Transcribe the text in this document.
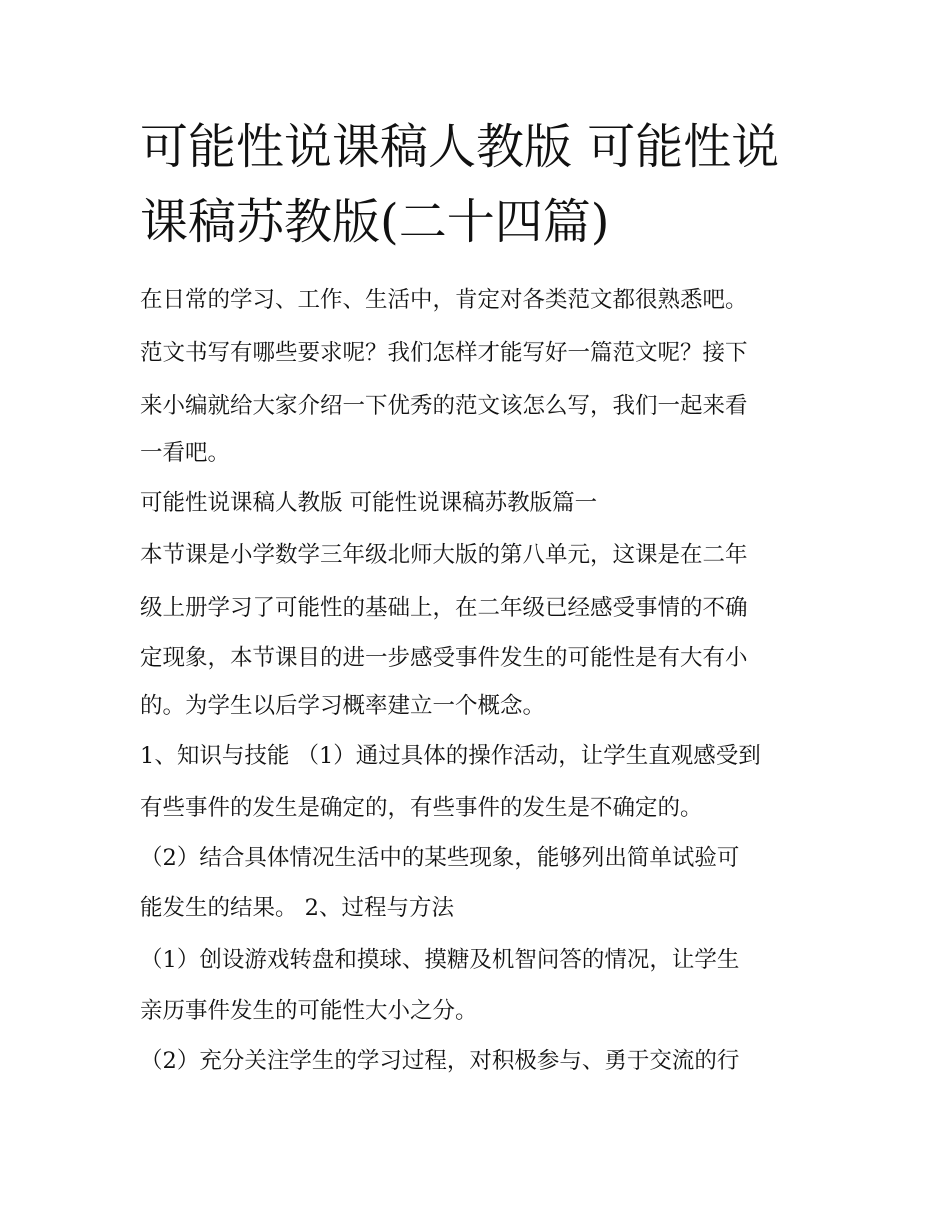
可能性说课稿人教版 可能性说
课稿苏教版(二十四篇)
在日常的学习、工作、生活中，肯定对各类范文都很熟悉吧。
范文书写有哪些要求呢？我们怎样才能写好一篇范文呢？接下
来小编就给大家介绍一下优秀的范文该怎么写，我们一起来看
一看吧。
可能性说课稿人教版 可能性说课稿苏教版篇一
本节课是小学数学三年级北师大版的第八单元，这课是在二年
级上册学习了可能性的基础上，在二年级已经感受事情的不确
定现象，本节课目的进一步感受事件发生的可能性是有大有小
的。为学生以后学习概率建立一个概念。
1、知识与技能 （1）通过具体的操作活动，让学生直观感受到
有些事件的发生是确定的，有些事件的发生是不确定的。
（2）结合具体情况生活中的某些现象，能够列出简单试验可
能发生的结果。 2、过程与方法
（1）创设游戏转盘和摸球、摸糖及机智问答的情况，让学生
亲历事件发生的可能性大小之分。
（2）充分关注学生的学习过程，对积极参与、勇于交流的行
